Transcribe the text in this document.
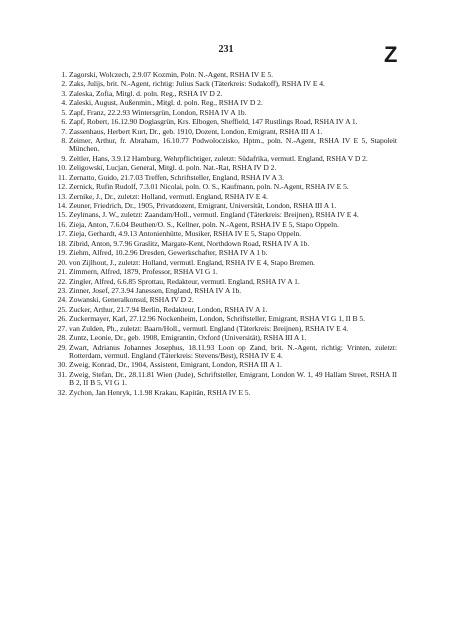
231	Z
1. Zagorski, Wolczech, 2.9.07 Kozmin, Poln. N.-Agent, RSHA IV E 5.
2. Zaks, Julijs, brit. N.-Agent, richtig: Julius Sack (Täterkreis: Sudakoff), RSHA IV E 4.
3. Zaleska, Zofia, Mitgl. d. poln. Reg., RSHA IV D 2.
4. Zaleski, August, Außenmin., Mitgl. d. poln. Reg., RSHA IV D 2.
5. Zapf, Franz, 22.2.93 Wintersgrün, London, RSHA IV A 1b.
6. Zapf, Robert, 16.12.90 Doglasgrün, Krs. Elbogen, Sheffield, 147 Rustlings Road, RSHA IV A 1.
7. Zassenhaus, Herbert Kurt, Dr., geb. 1910, Dozent, London, Emigrant, RSHA III A 1.
8. Zeimer, Arthur, fr. Abraham, 16.10.77 Podwoloczisko, Hptm., poln. N.-Agent, RSHA IV E 5, Stapoleit München.
9. Zeltler, Hans, 3.9.12 Hamburg, Wehrpflichtiger, zuletzt: Südafrika, vermutl. England, RSHA V D 2.
10. Zeligowski, Lucjan, General, Mitgl. d. poln. Nat.-Rat, RSHA IV D 2.
11. Zernatto, Guido, 21.7.03 Treffen, Schriftsteller, England, RSHA IV A 3.
12. Zernick, Rufin Rudolf, 7.3.01 Nicolai, poln. O. S., Kaufmann, poln. N.-Agent, RSHA IV E 5.
13. Zernike, J., Dr., zuletzt: Holland, vermutl. England, RSHA IV E 4.
14. Zeuner, Friedrich, Dr., 1905, Privatdozent, Emigrant, Universität, London, RSHA III A 1.
15. Zeylmans, J. W., zuletzt: Zaandam/Holl., vermutl. England (Täterkreis: Breijnen), RSHA IV E 4.
16. Zieja, Anton, 7.6.04 Beuthen/O. S., Kellner, poln. N.-Agent, RSHA IV E 5, Stapo Oppeln.
17. Zieja, Gerhardt, 4.9.13 Antonienhütte, Musiker, RSHA IV E 5, Stapo Oppeln.
18. Zibrid, Anton, 9.7.96 Graslitz, Margate-Kent, Northdown Road, RSHA IV A 1b.
19. Ziehm, Alfred, 10.2.96 Dresden, Gewerkschafter, RSHA IV A 1 b.
20. von Zijlhout, J., zuletzt: Holland, vermutl. England, RSHA IV E 4, Stapo Bremen.
21. Zimmern, Alfred, 1879, Professor, RSHA VI G 1.
22. Zingler, Alfred, 6.6.85 Sprottau, Redakteur, vermutl. England, RSHA IV A 1.
23. Zinner, Josef, 27.3.94 Janessen, England, RSHA IV A 1b.
24. Zowanski, Generalkonsul, RSHA IV D 2.
25. Zucker, Arthur, 21.7.94 Berlin, Redakteur, London, RSHA IV A 1.
26. Zuckermayer, Karl, 27.12.96 Nockenheim, London, Schriftsteller, Emigrant, RSHA VI G 1, II B 5.
27. van Zulden, Ph., zuletzt: Baarn/Holl., vermutl. England (Täterkreis: Breijnen), RSHA IV E 4.
28. Zuntz, Leonie, Dr., geb. 1908, Emigrantin, Oxford (Universität), RSHA III A 1.
29. Zwart, Adrianus Johannes Josephus, 18.11.93 Loon op Zand, brit. N.-Agent, richtig: Vrinten, zuletzt: Rotterdam, vermutl. England (Täterkreis: Stevens/Best), RSHA IV E 4.
30. Zweig, Konrad, Dr., 1904, Assistent, Emigrant, London, RSHA III A 1.
31. Zweig, Stefan, Dr., 28.11.81 Wien (Jude), Schriftsteller, Emigrant, London W. 1, 49 Hallam Street, RSHA II B 2, II B 5, VI G 1.
32. Zychon, Jan Henryk, 1.1.98 Krakau, Kapitän, RSHA IV E 5.
